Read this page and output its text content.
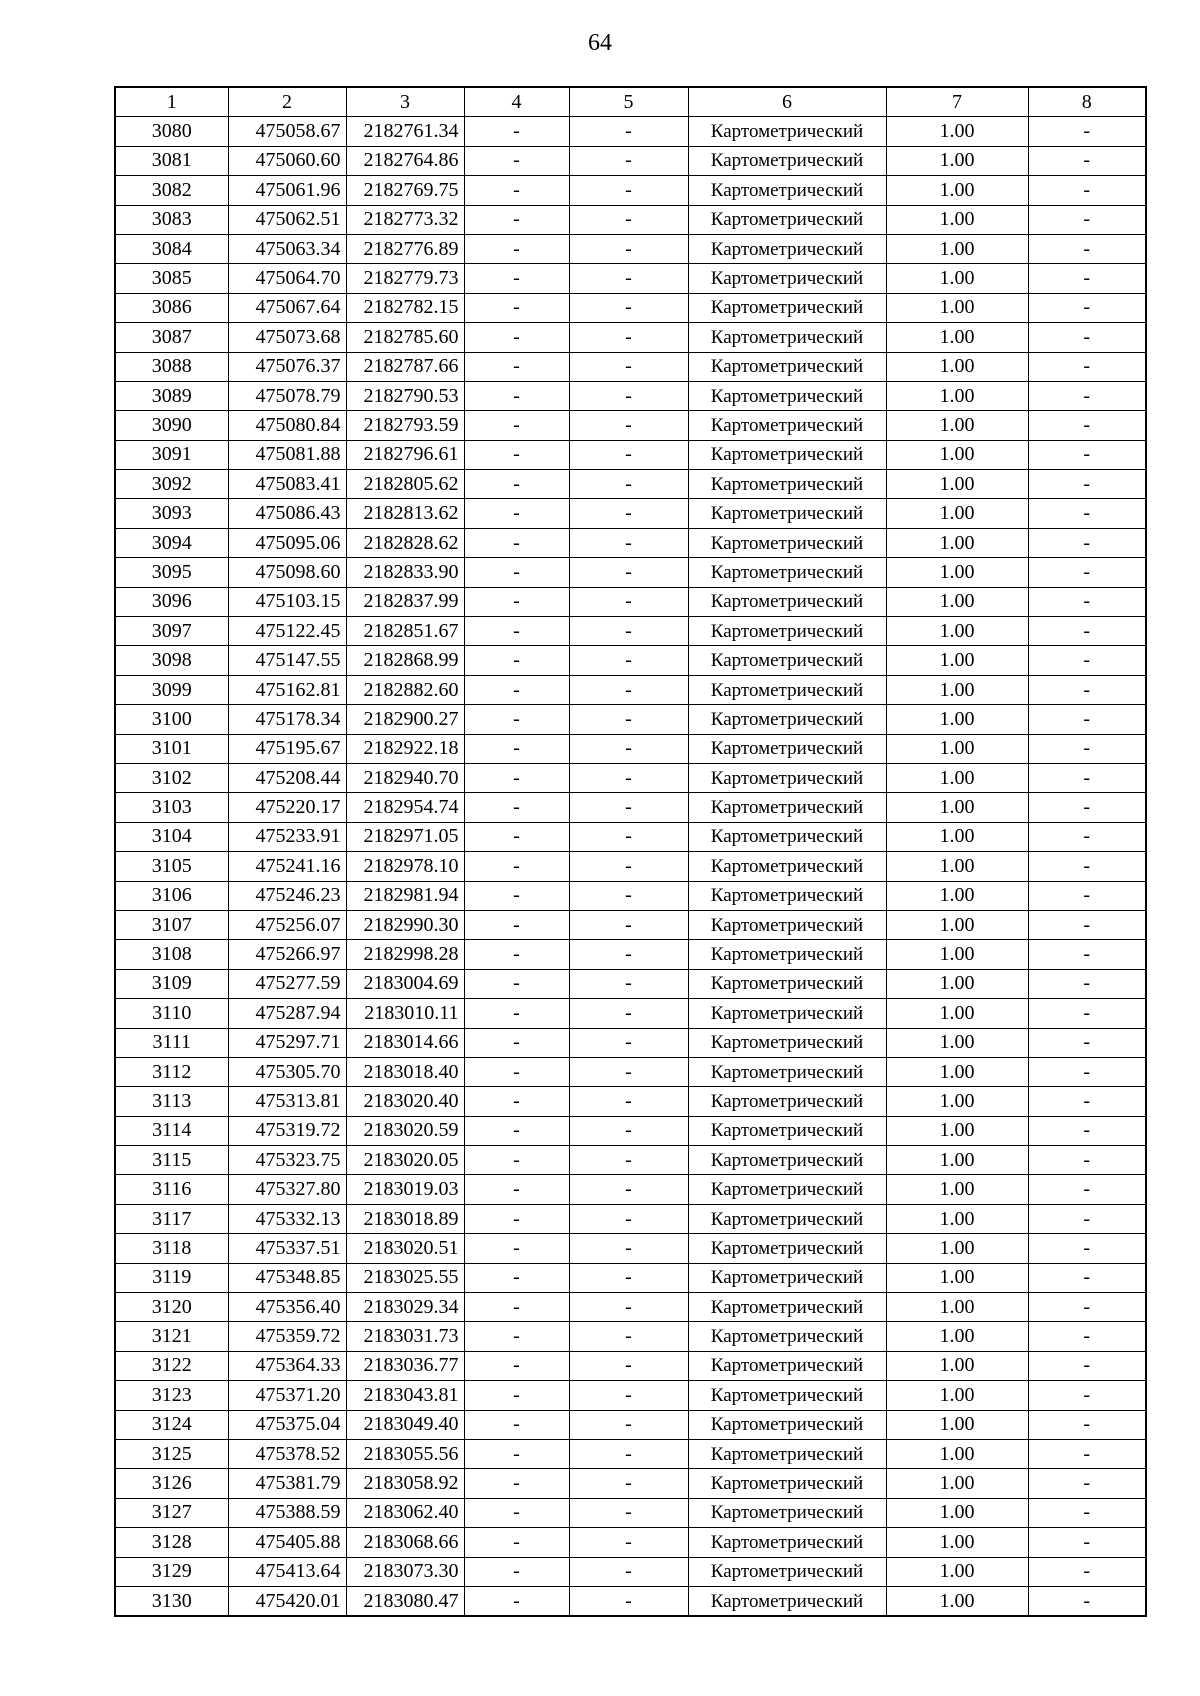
64
1	2	3	4	5	6	7	8
3080	475058.67	2182761.34	-	-	Картометрический	1.00	-
3081	475060.60	2182764.86	-	-	Картометрический	1.00	-
3082	475061.96	2182769.75	-	-	Картометрический	1.00	-
3083	475062.51	2182773.32	-	-	Картометрический	1.00	-
3084	475063.34	2182776.89	-	-	Картометрический	1.00	-
3085	475064.70	2182779.73	-	-	Картометрический	1.00	-
3086	475067.64	2182782.15	-	-	Картометрический	1.00	-
3087	475073.68	2182785.60	-	-	Картометрический	1.00	-
3088	475076.37	2182787.66	-	-	Картометрический	1.00	-
3089	475078.79	2182790.53	-	-	Картометрический	1.00	-
3090	475080.84	2182793.59	-	-	Картометрический	1.00	-
3091	475081.88	2182796.61	-	-	Картометрический	1.00	-
3092	475083.41	2182805.62	-	-	Картометрический	1.00	-
3093	475086.43	2182813.62	-	-	Картометрический	1.00	-
3094	475095.06	2182828.62	-	-	Картометрический	1.00	-
3095	475098.60	2182833.90	-	-	Картометрический	1.00	-
3096	475103.15	2182837.99	-	-	Картометрический	1.00	-
3097	475122.45	2182851.67	-	-	Картометрический	1.00	-
3098	475147.55	2182868.99	-	-	Картометрический	1.00	-
3099	475162.81	2182882.60	-	-	Картометрический	1.00	-
3100	475178.34	2182900.27	-	-	Картометрический	1.00	-
3101	475195.67	2182922.18	-	-	Картометрический	1.00	-
3102	475208.44	2182940.70	-	-	Картометрический	1.00	-
3103	475220.17	2182954.74	-	-	Картометрический	1.00	-
3104	475233.91	2182971.05	-	-	Картометрический	1.00	-
3105	475241.16	2182978.10	-	-	Картометрический	1.00	-
3106	475246.23	2182981.94	-	-	Картометрический	1.00	-
3107	475256.07	2182990.30	-	-	Картометрический	1.00	-
3108	475266.97	2182998.28	-	-	Картометрический	1.00	-
3109	475277.59	2183004.69	-	-	Картометрический	1.00	-
3110	475287.94	2183010.11	-	-	Картометрический	1.00	-
3111	475297.71	2183014.66	-	-	Картометрический	1.00	-
3112	475305.70	2183018.40	-	-	Картометрический	1.00	-
3113	475313.81	2183020.40	-	-	Картометрический	1.00	-
3114	475319.72	2183020.59	-	-	Картометрический	1.00	-
3115	475323.75	2183020.05	-	-	Картометрический	1.00	-
3116	475327.80	2183019.03	-	-	Картометрический	1.00	-
3117	475332.13	2183018.89	-	-	Картометрический	1.00	-
3118	475337.51	2183020.51	-	-	Картометрический	1.00	-
3119	475348.85	2183025.55	-	-	Картометрический	1.00	-
3120	475356.40	2183029.34	-	-	Картометрический	1.00	-
3121	475359.72	2183031.73	-	-	Картометрический	1.00	-
3122	475364.33	2183036.77	-	-	Картометрический	1.00	-
3123	475371.20	2183043.81	-	-	Картометрический	1.00	-
3124	475375.04	2183049.40	-	-	Картометрический	1.00	-
3125	475378.52	2183055.56	-	-	Картометрический	1.00	-
3126	475381.79	2183058.92	-	-	Картометрический	1.00	-
3127	475388.59	2183062.40	-	-	Картометрический	1.00	-
3128	475405.88	2183068.66	-	-	Картометрический	1.00	-
3129	475413.64	2183073.30	-	-	Картометрический	1.00	-
3130	475420.01	2183080.47	-	-	Картометрический	1.00	-
